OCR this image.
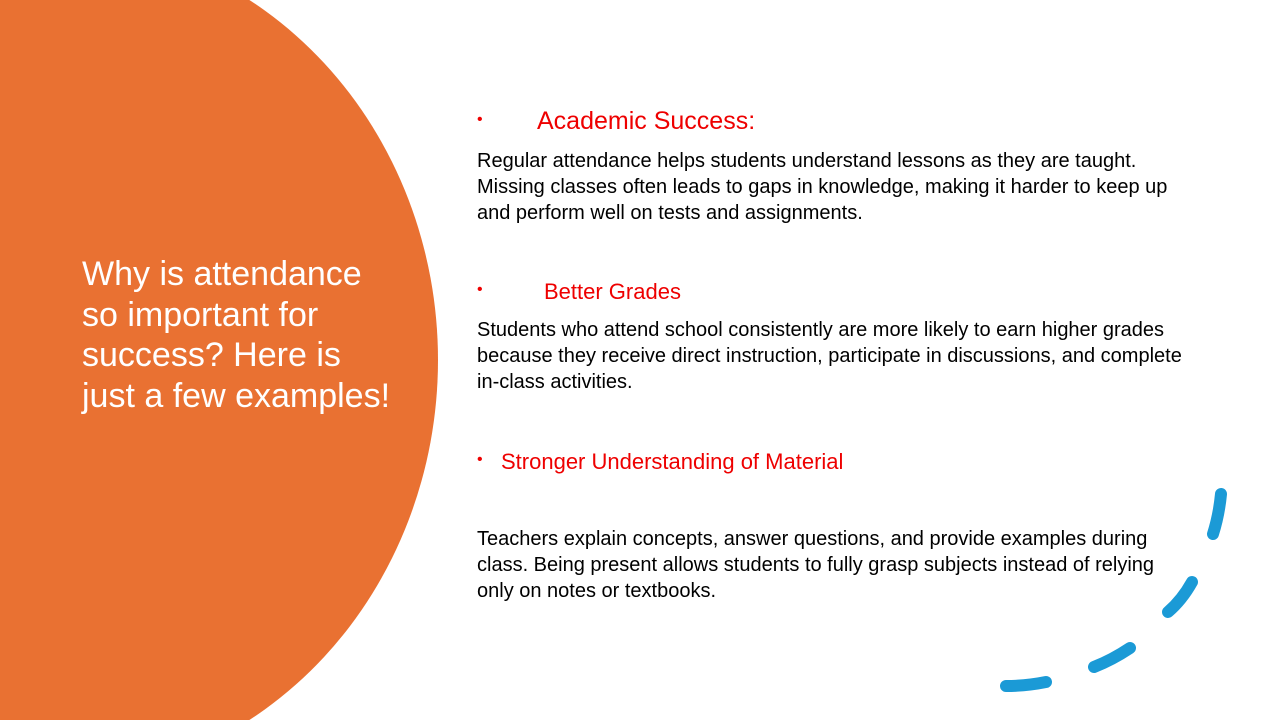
Why is attendance so important for success? Here is just a few examples!
• Academic Success:

Regular attendance helps students understand lessons as they are taught. Missing classes often leads to gaps in knowledge, making it harder to keep up and perform well on tests and assignments.

•	Better Grades

Students who attend school consistently are more likely to earn higher grades because they receive direct instruction, participate in discussions, and complete in-class activities.

• Stronger Understanding of Material

Teachers explain concepts, answer questions, and provide examples during class. Being present allows students to fully grasp subjects instead of relying only on notes or textbooks.
